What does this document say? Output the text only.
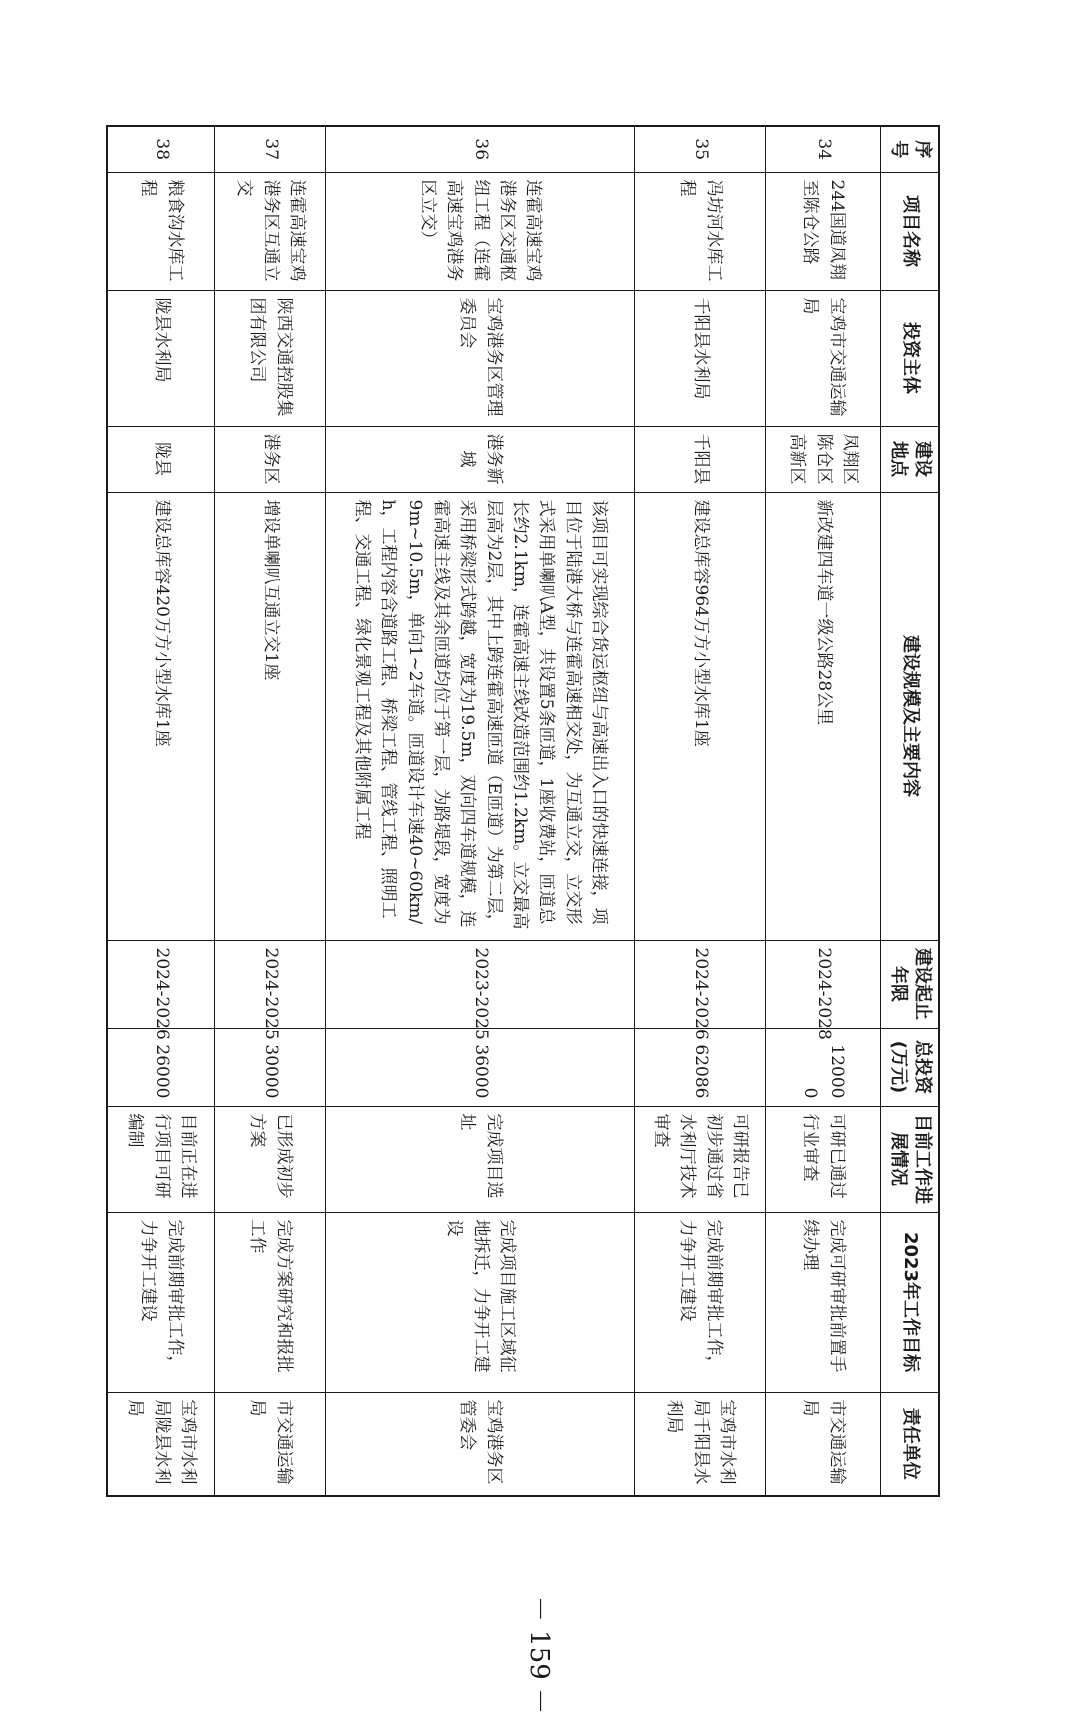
序号	项目名称	投资主体	建设地点	建设规模及主要内容	建设起止年限	总投资(万元)	目前工作进展情况	2023年工作目标	责任单位
34	244国道凤翔至陈仓公路	宝鸡市交通运输局	凤翔区陈仓区高新区	新改建四车道一级公路28公里	2024-2028	120000	可研已通过行业审查	完成可研审批前置手续办理	市交通运输局
35	冯坊河水库工程	千阳县水利局	千阳县	建设总库容964万方小型水库1座	2024-2026	62086	可研报告已初步通过省水利厅技术审查	完成前期审批工作，力争开工建设	宝鸡市水利局千阳县水利局
36	连霍高速宝鸡港务区交通枢纽工程（连霍高速宝鸡港务区立交）	宝鸡港务区管理委员会	港务新城	该项目可实现综合货运枢纽与高速出入口的快速连接，项目位于陆港大桥与连霍高速相交处，为互通立交，立交形式采用单喇叭A型，共设置5条匝道，1座收费站，匝道总长约2.1km，连霍高速主线改造范围约1.2km。立交最高层高为2层，其中上跨连霍高速匝道（E匝道）为第二层，采用桥梁形式跨越，宽度为19.5m，双向四车道规模，连霍高速主线及其余匝道均位于第一层，为路堤段，宽度为9m~10.5m，单向1~2车道。匝道设计车速40~60km/h，工程内容含道路工程、桥梁工程、管线工程、照明工程、交通工程、绿化景观工程及其他附属工程	2023-2025	36000	完成项目选址	完成项目施工区域征地拆迁，力争开工建设	宝鸡港务区管委会
37	连霍高速宝鸡港务区互通立交	陕西交通控股集团有限公司	港务区	增设单喇叭互通立交1座	2024-2025	30000	已形成初步方案	完成方案研究和报批工作	市交通运输局
38	粮食沟水库工程	陇县水利局	陇县	建设总库容420万方小型水库1座	2024-2026	26000	目前正在进行项目可研编制	完成前期审批工作，力争开工建设	宝鸡市水利局陇县水利局
－ 159 －
